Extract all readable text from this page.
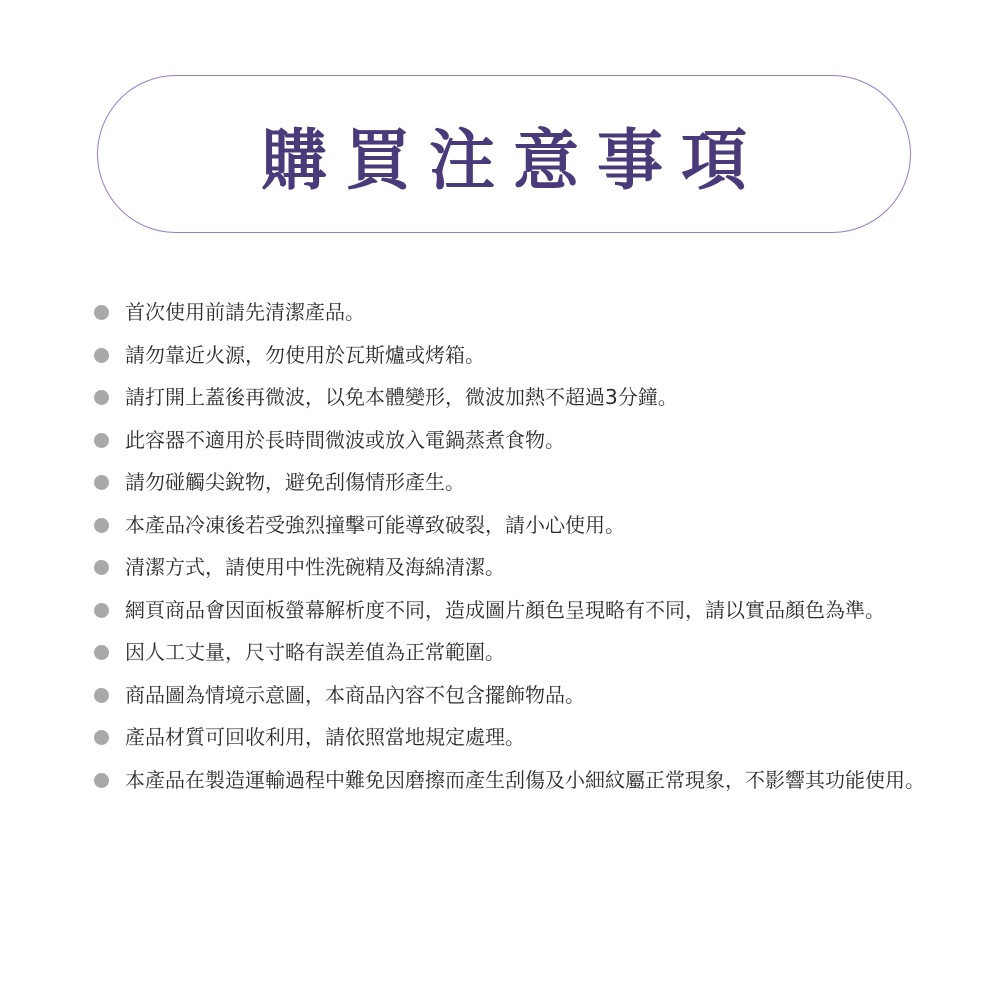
購買注意事項
首次使用前請先清潔產品。
請勿靠近火源，勿使用於瓦斯爐或烤箱。
請打開上蓋後再微波，以免本體變形，微波加熱不超過3分鐘。
此容器不適用於長時間微波或放入電鍋蒸煮食物。
請勿碰觸尖銳物，避免刮傷情形產生。
本產品冷凍後若受強烈撞擊可能導致破裂，請小心使用。
清潔方式，請使用中性洗碗精及海綿清潔。
網頁商品會因面板螢幕解析度不同，造成圖片顏色呈現略有不同，請以實品顏色為準。
因人工丈量，尺寸略有誤差值為正常範圍。
商品圖為情境示意圖，本商品內容不包含擺飾物品。
產品材質可回收利用，請依照當地規定處理。
本產品在製造運輸過程中難免因磨擦而產生刮傷及小細紋屬正常現象，不影響其功能使用。
